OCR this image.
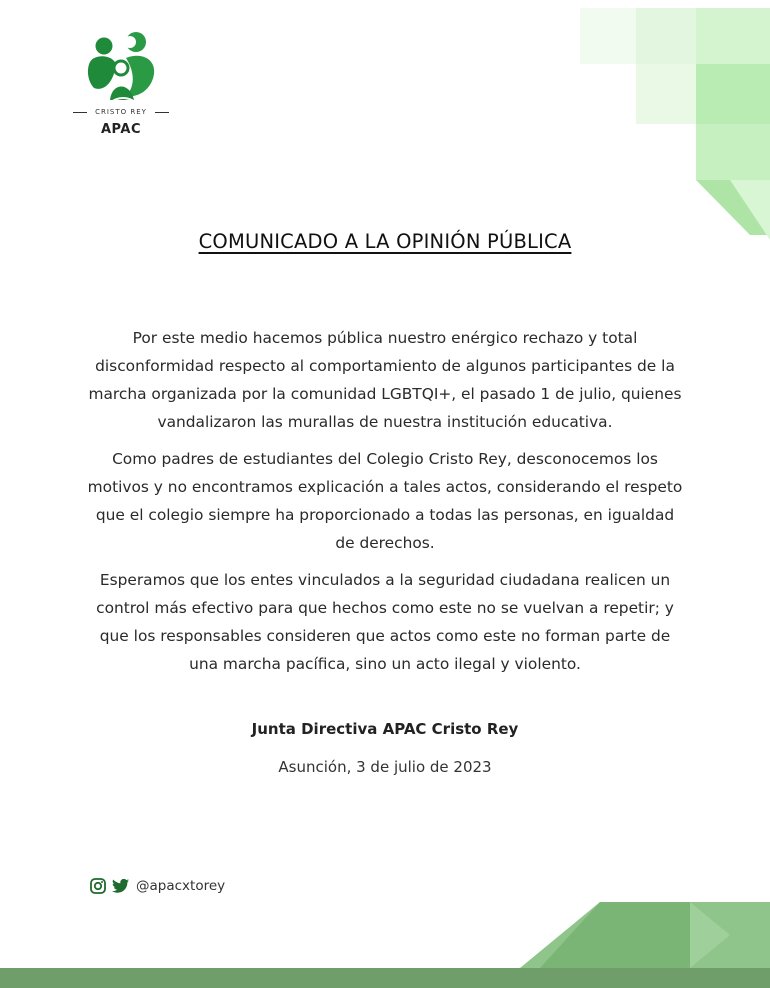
CRISTO REY
APAC
COMUNICADO A LA OPINIÓN PÚBLICA

Por este medio hacemos pública nuestro enérgico rechazo y total disconformidad respecto al comportamiento de algunos participantes de la marcha organizada por la comunidad LGBTQI+, el pasado 1 de julio, quienes vandalizaron las murallas de nuestra institución educativa.

Como padres de estudiantes del Colegio Cristo Rey, desconocemos los motivos y no encontramos explicación a tales actos, considerando el respeto que el colegio siempre ha proporcionado a todas las personas, en igualdad de derechos.

Esperamos que los entes vinculados a la seguridad ciudadana realicen un control más efectivo para que hechos como este no se vuelvan a repetir; y que los responsables consideren que actos como este no forman parte de una marcha pacífica, sino un acto ilegal y violento.

Junta Directiva APAC Cristo Rey
Asunción, 3 de julio de 2023
@apacxtorey
